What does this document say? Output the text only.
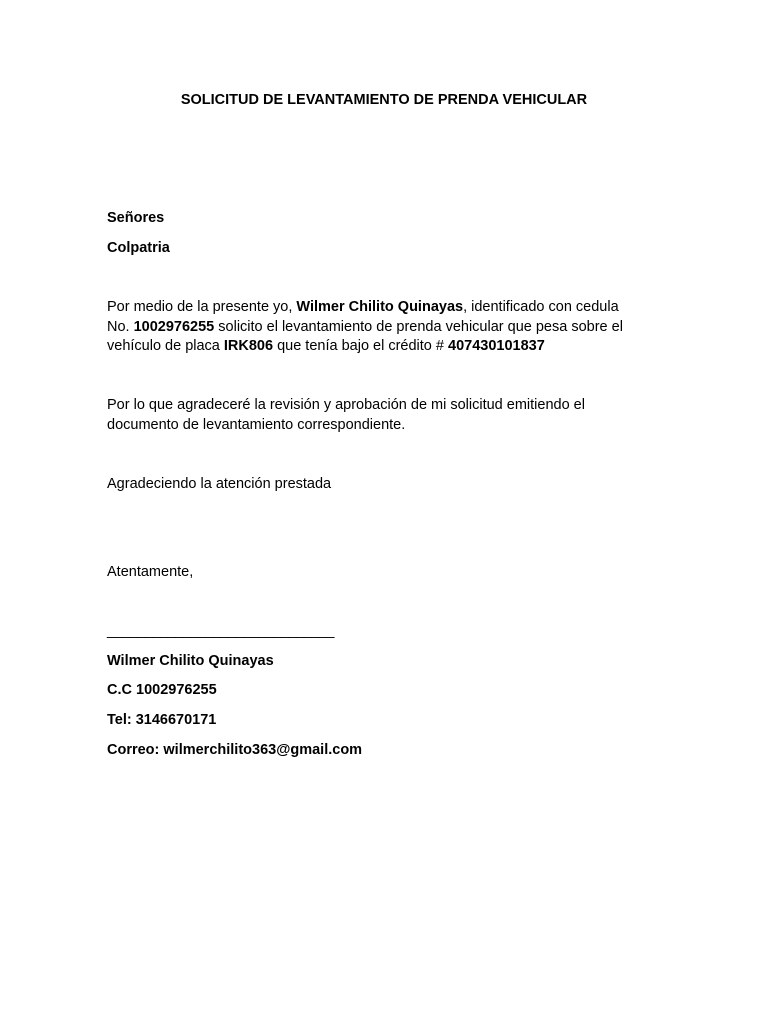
SOLICITUD DE LEVANTAMIENTO DE PRENDA VEHICULAR
Señores
Colpatria

Por medio de la presente yo, Wilmer Chilito Quinayas, identificado con cedula

No. 1002976255 solicito el levantamiento de prenda vehicular que pesa sobre el

vehículo de placa IRK806 que tenía bajo el crédito # 407430101837

Por lo que agradeceré la revisión y aprobación de mi solicitud emitiendo el

documento de levantamiento correspondiente.

Agradeciendo la atención prestada
Atentamente,
______________________________
Wilmer Chilito Quinayas
C.C 1002976255
Tel: 3146670171
Correo: wilmerchilito363@gmail.com
